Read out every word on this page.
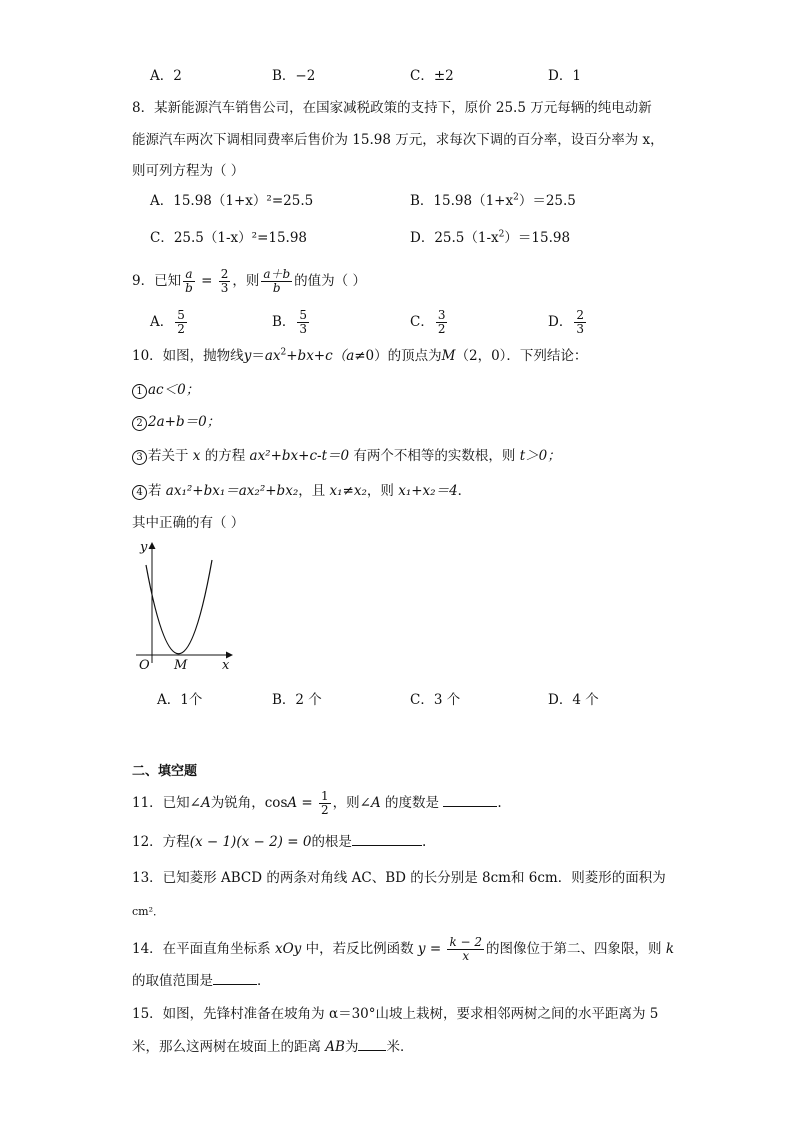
A．2	B．−2	C．±2	D．1
8．某新能源汽车销售公司，在国家减税政策的支持下，原价 25.5 万元每辆的纯电动新
能源汽车两次下调相同费率后售价为 15.98 万元，求每次下调的百分率，设百分率为 x，
则可列方程为（ ）
A．15.98（1+x）²=25.5	B．$15.98(1+x^2)=25.5$
C．25.5（1-x）²=15.98	D．$25.5(1-x^2)=15.98$
9．已知 $\frac{a}{b} = \frac{2}{3}$ ，则 $\frac{a+b}{b}$ 的值为（ ）
A． $\frac{5}{2}$	B． $\frac{5}{3}$	C． $\frac{3}{2}$	D． $\frac{2}{3}$
10．如图，抛物线$y=ax^2+bx+c(a\ne 0)$的顶点为M（2，0）．下列结论：
1 ac＜0；
2 2a+b＝0；
3 若关于 x 的方程 ax²+bx+c-t＝0 有两个不相等的实数根，则 t＞0；
4 若 ax₁²+bx₁＝ax₂²+bx₂，且 x₁≠x₂，则 x₁+x₂＝4．
其中正确的有（ ）
y
O M	x
A．1个	B．2 个	C．3 个	D．4 个
二、填空题
11．已知∠A为锐角，$\cos A = \frac{1}{2}$ ，则∠A 的度数是	.
12．方程(x − 1)(x − 2) = 0的根是	.
13．已知菱形 ABCD 的两条对角线 AC、BD 的长分别是 8cm和 6cm．则菱形的面积为
cm²．
14．在平面直角坐标系 xOy 中，若反比例函数 $y = \frac{k - 2}{x}$ 的图像位于第二、四象限，则 k
的取值范围是	．
15．如图，先锋村准备在坡角为 α＝30°山坡上栽树，要求相邻两树之间的水平距离为 5
米，那么这两树在坡面上的距离 AB为 米．
